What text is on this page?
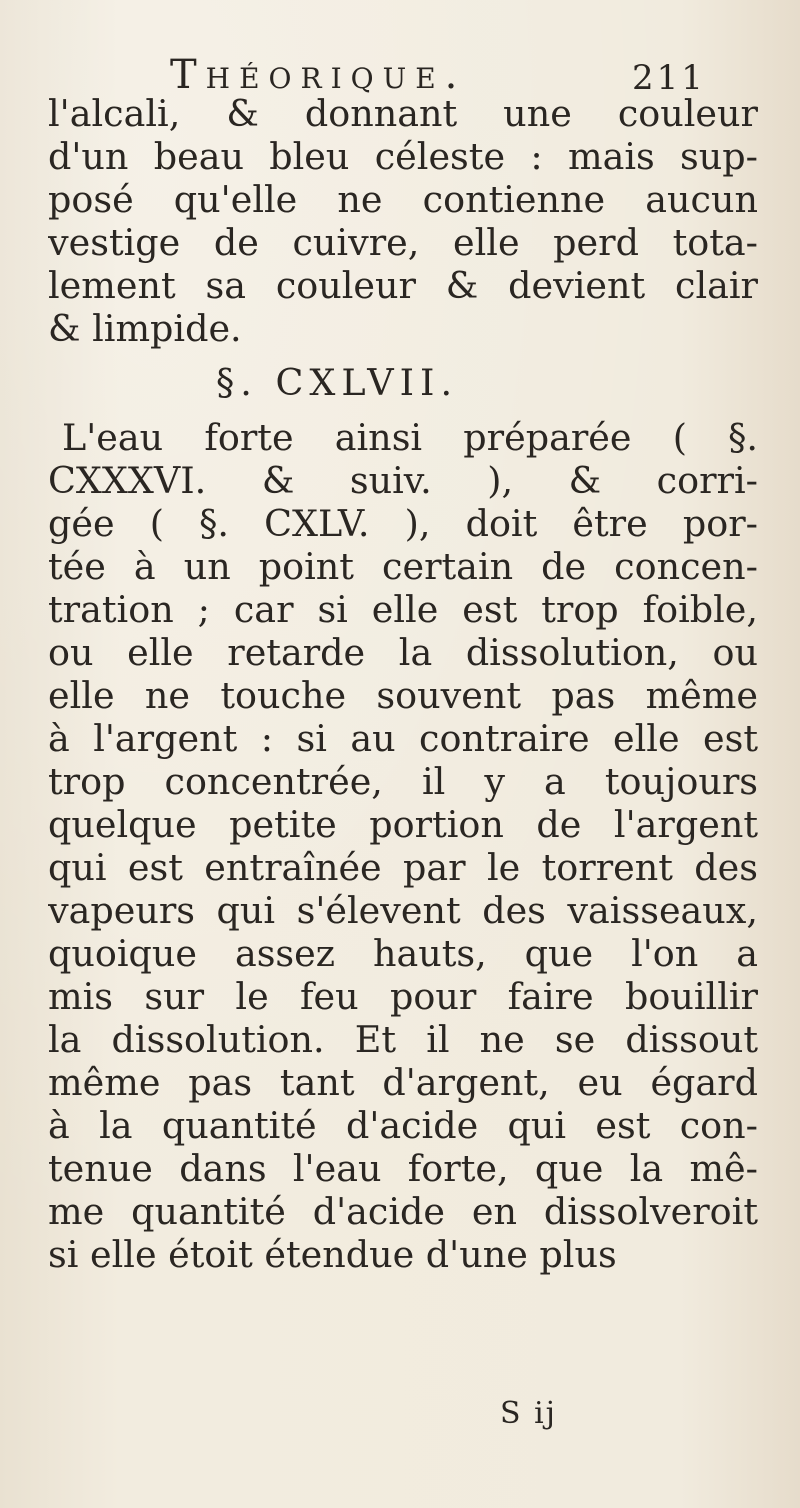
Théorique.	211
l'alcali, & donnant une couleur
d'un beau bleu céleste : mais sup-
posé qu'elle ne contienne aucun
vestige de cuivre, elle perd tota-
lement sa couleur & devient clair
& limpide.
§. CXLVII.
L'eau forte ainsi préparée ( §.
CXXXVI. & suiv. ), & corri-
gée ( §. CXLV. ), doit être por-
tée à un point certain de concen-
tration ; car si elle est trop foible,
ou elle retarde la dissolution, ou
elle ne touche souvent pas même
à l'argent : si au contraire elle est
trop concentrée, il y a toujours
quelque petite portion de l'argent
qui est entraînée par le torrent des
vapeurs qui s'élevent des vaisseaux,
quoique assez hauts, que l'on a
mis sur le feu pour faire bouillir
la dissolution. Et il ne se dissout
même pas tant d'argent, eu égard
à la quantité d'acide qui est con-
tenue dans l'eau forte, que la mê-
me quantité d'acide en dissolveroit
si elle étoit étendue d'une plus
S ij
